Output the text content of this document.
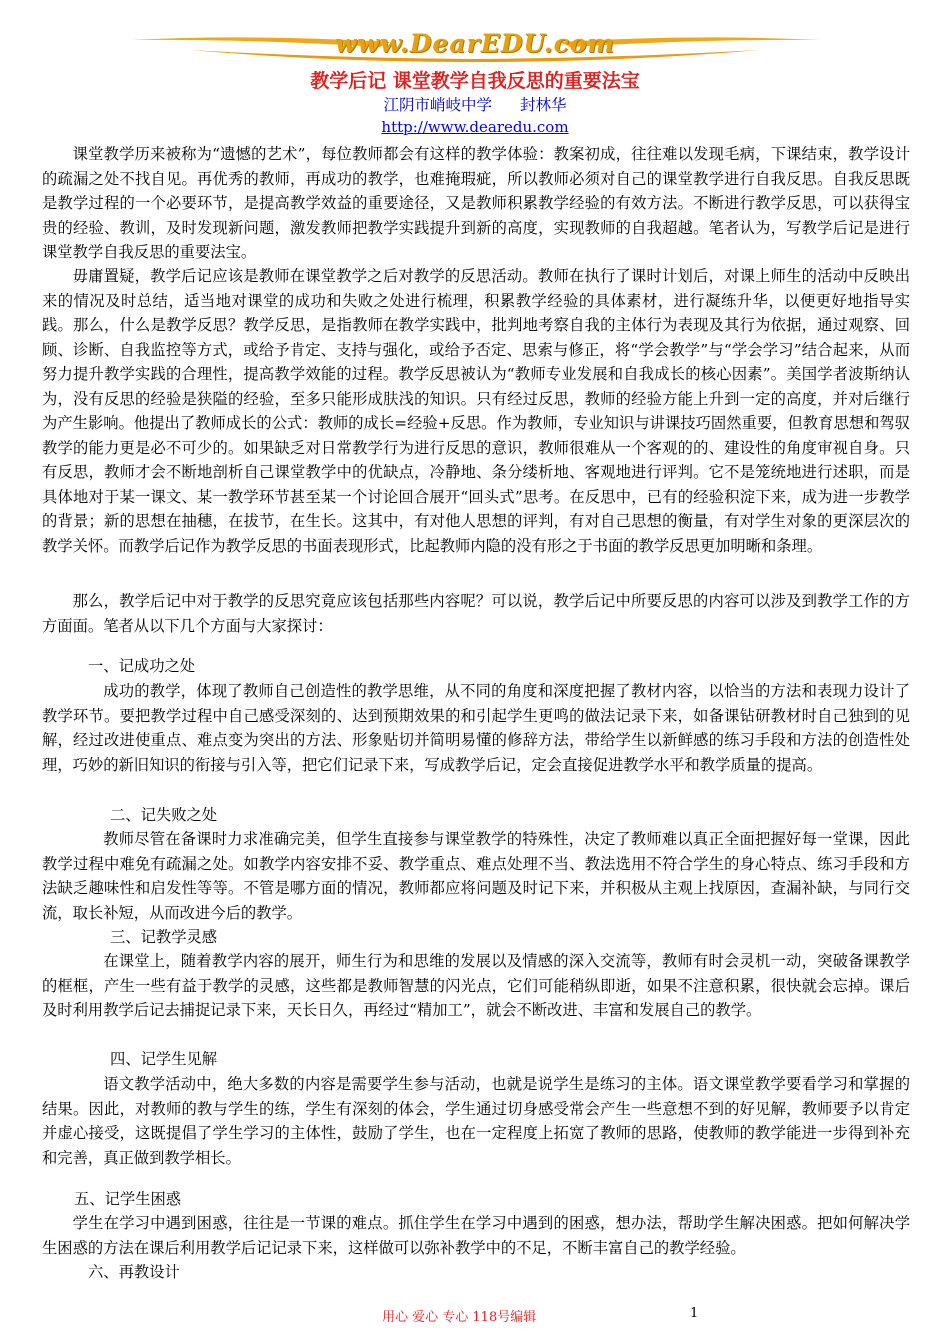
www.DearEDU.com
教学后记 课堂教学自我反思的重要法宝
江阴市峭岐中学 封林华
http://www.dearedu.com

课堂教学历来被称为“遗憾的艺术”，每位教师都会有这样的教学体验：教案初成，往往难以发现毛病，下课结束，教学设计的疏漏之处不找自见。再优秀的教师，再成功的教学，也难掩瑕疵，所以教师必须对自己的课堂教学进行自我反思。自我反思既是教学过程的一个必要环节，是提高教学效益的重要途径，又是教师积累教学经验的有效方法。不断进行教学反思，可以获得宝贵的经验、教训，及时发现新问题，激发教师把教学实践提升到新的高度，实现教师的自我超越。笔者认为，写教学后记是进行课堂教学自我反思的重要法宝。

毋庸置疑，教学后记应该是教师在课堂教学之后对教学的反思活动。教师在执行了课时计划后，对课上师生的活动中反映出来的情况及时总结，适当地对课堂的成功和失败之处进行梳理，积累教学经验的具体素材，进行凝练升华，以便更好地指导实践。那么，什么是教学反思？教学反思，是指教师在教学实践中，批判地考察自我的主体行为表现及其行为依据，通过观察、回顾、诊断、自我监控等方式，或给予肯定、支持与强化，或给予否定、思索与修正，将“学会教学”与“学会学习”结合起来，从而努力提升教学实践的合理性，提高教学效能的过程。教学反思被认为“教师专业发展和自我成长的核心因素”。美国学者波斯纳认为，没有反思的经验是狭隘的经验，至多只能形成肤浅的知识。只有经过反思，教师的经验方能上升到一定的高度，并对后继行为产生影响。他提出了教师成长的公式：教师的成长=经验+反思。作为教师，专业知识与讲课技巧固然重要，但教育思想和驾驭教学的能力更是必不可少的。如果缺乏对日常教学行为进行反思的意识，教师很难从一个客观的的、建设性的角度审视自身。只有反思，教师才会不断地剖析自己课堂教学中的优缺点，冷静地、条分缕析地、客观地进行评判。它不是笼统地进行述职，而是具体地对于某一课文、某一教学环节甚至某一个讨论回合展开“回头式”思考。在反思中，已有的经验积淀下来，成为进一步教学的背景；新的思想在抽穗，在拔节，在生长。这其中，有对他人思想的评判，有对自己思想的衡量，有对学生对象的更深层次的教学关怀。而教学后记作为教学反思的书面表现形式，比起教师内隐的没有形之于书面的教学反思更加明晰和条理。

那么，教学后记中对于教学的反思究竟应该包括那些内容呢？可以说，教学后记中所要反思的内容可以涉及到教学工作的方方面面。笔者从以下几个方面与大家探讨：

一、记成功之处

成功的教学，体现了教师自己创造性的教学思维，从不同的角度和深度把握了教材内容，以恰当的方法和表现力设计了教学环节。要把教学过程中自己感受深刻的、达到预期效果的和引起学生更鸣的做法记录下来，如备课钻研教材时自己独到的见解，经过改进使重点、难点变为突出的方法、形象贴切并简明易懂的修辞方法，带给学生以新鲜感的练习手段和方法的创造性处理，巧妙的新旧知识的衔接与引入等，把它们记录下来，写成教学后记，定会直接促进教学水平和教学质量的提高。

二、记失败之处

教师尽管在备课时力求准确完美，但学生直接参与课堂教学的特殊性，决定了教师难以真正全面把握好每一堂课，因此教学过程中难免有疏漏之处。如教学内容安排不妥、教学重点、难点处理不当、教法选用不符合学生的身心特点、练习手段和方法缺乏趣味性和启发性等等。不管是哪方面的情况，教师都应将问题及时记下来，并积极从主观上找原因，查漏补缺，与同行交流，取长补短，从而改进今后的教学。

三、记教学灵感

在课堂上，随着教学内容的展开，师生行为和思维的发展以及情感的深入交流等，教师有时会灵机一动，突破备课教学的框框，产生一些有益于教学的灵感，这些都是教师智慧的闪光点，它们可能稍纵即逝，如果不注意积累，很快就会忘掉。课后及时利用教学后记去捕捉记录下来，天长日久，再经过“精加工”，就会不断改进、丰富和发展自己的教学。

四、记学生见解

语文教学活动中，绝大多数的内容是需要学生参与活动，也就是说学生是练习的主体。语文课堂教学要看学习和掌握的结果。因此，对教师的教与学生的练，学生有深刻的体会，学生通过切身感受常会产生一些意想不到的好见解，教师要予以肯定并虚心接受，这既提倡了学生学习的主体性，鼓励了学生，也在一定程度上拓宽了教师的思路，使教师的教学能进一步得到补充和完善，真正做到教学相长。

五、记学生困惑

学生在学习中遇到困惑，往往是一节课的难点。抓住学生在学习中遇到的困惑，想办法，帮助学生解决困惑。把如何解决学生困惑的方法在课后利用教学后记记录下来，这样做可以弥补教学中的不足，不断丰富自己的教学经验。

六、再教设计
用心 爱心 专心 118号编辑	1
